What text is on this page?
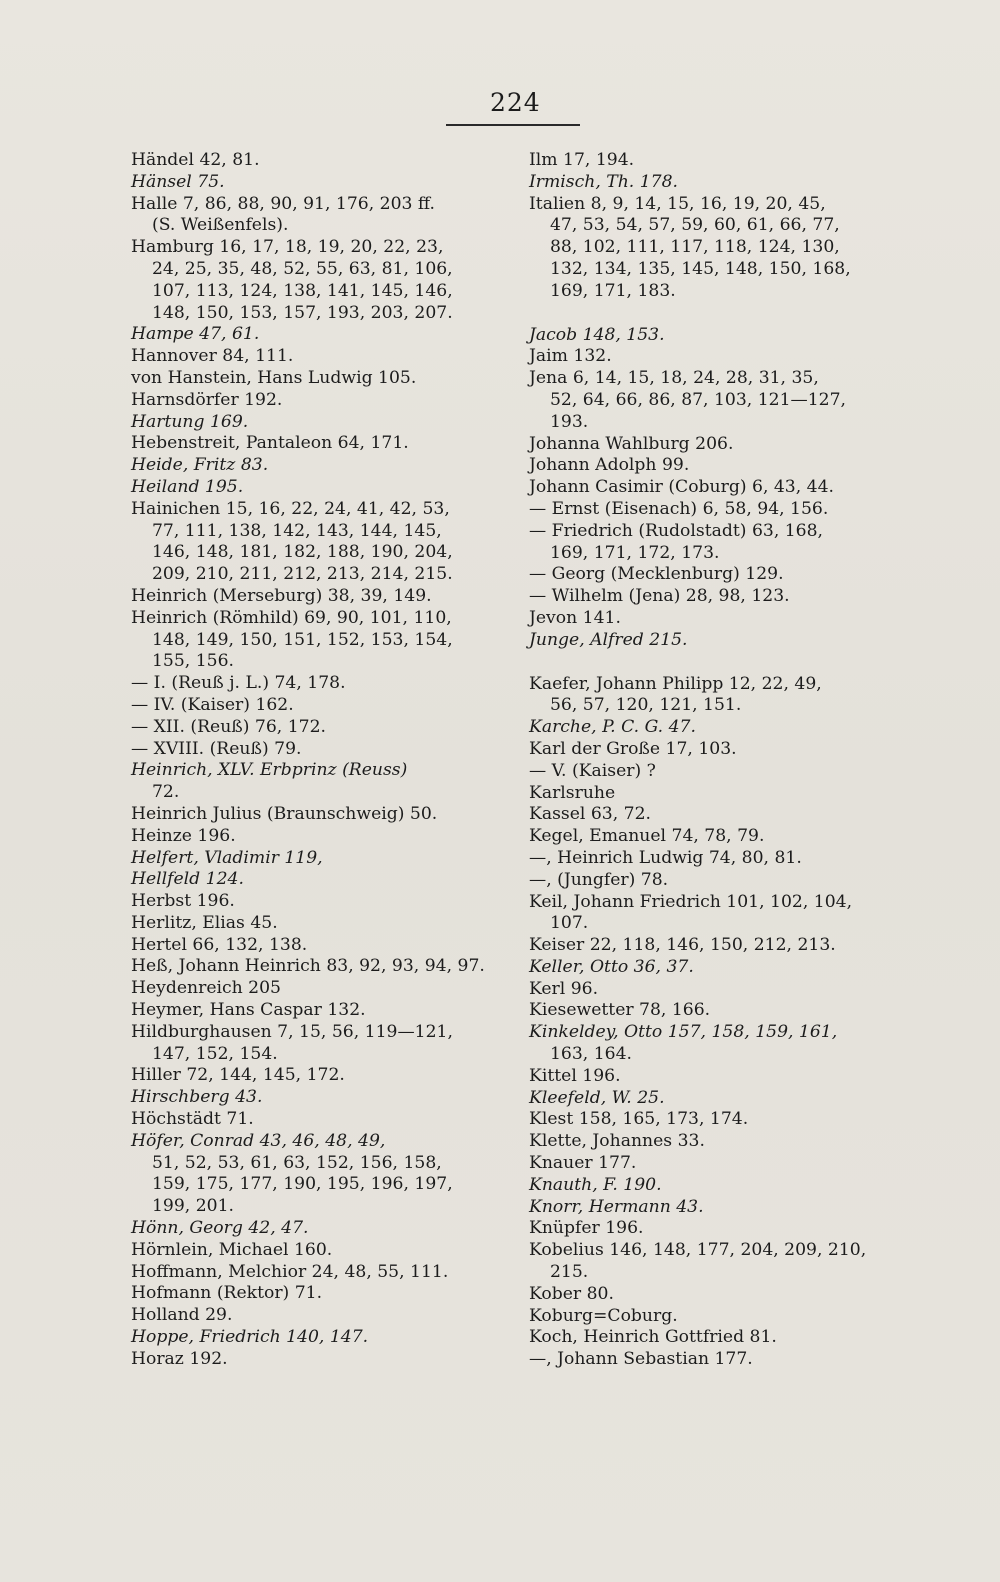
224
Händel 42, 81.
Hänsel 75.
Halle 7, 86, 88, 90, 91, 176, 203 ff.
(S. Weißenfels).
Hamburg 16, 17, 18, 19, 20, 22, 23,
24, 25, 35, 48, 52, 55, 63, 81, 106,
107, 113, 124, 138, 141, 145, 146,
148, 150, 153, 157, 193, 203, 207.
Hampe 47, 61.
Hannover 84, 111.
von Hanstein, Hans Ludwig 105.
Harnsdörfer 192.
Hartung 169.
Hebenstreit, Pantaleon 64, 171.
Heide, Fritz 83.
Heiland 195.
Hainichen 15, 16, 22, 24, 41, 42, 53,
77, 111, 138, 142, 143, 144, 145,
146, 148, 181, 182, 188, 190, 204,
209, 210, 211, 212, 213, 214, 215.
Heinrich (Merseburg) 38, 39, 149.
Heinrich (Römhild) 69, 90, 101, 110,
148, 149, 150, 151, 152, 153, 154,
155, 156.
— I. (Reuß j. L.) 74, 178.
— IV. (Kaiser) 162.
— XII. (Reuß) 76, 172.
— XVIII. (Reuß) 79.
Heinrich, XLV. Erbprinz (Reuss)
72.
Heinrich Julius (Braunschweig) 50.
Heinze 196.
Helfert, Vladimir 119,
Hellfeld 124.
Herbst 196.
Herlitz, Elias 45.
Hertel 66, 132, 138.
Heß, Johann Heinrich 83, 92, 93, 94, 97.
Heydenreich 205
Heymer, Hans Caspar 132.
Hildburghausen 7, 15, 56, 119—121,
147, 152, 154.
Hiller 72, 144, 145, 172.
Hirschberg 43.
Höchstädt 71.
Höfer, Conrad 43, 46, 48, 49,
51, 52, 53, 61, 63, 152, 156, 158,
159, 175, 177, 190, 195, 196, 197,
199, 201.
Hönn, Georg 42, 47.
Hörnlein, Michael 160.
Hoffmann, Melchior 24, 48, 55, 111.
Hofmann (Rektor) 71.
Holland 29.
Hoppe, Friedrich 140, 147.
Horaz 192.
Ilm 17, 194.
Irmisch, Th. 178.
Italien 8, 9, 14, 15, 16, 19, 20, 45,
47, 53, 54, 57, 59, 60, 61, 66, 77,
88, 102, 111, 117, 118, 124, 130,
132, 134, 135, 145, 148, 150, 168,
169, 171, 183.
Jacob 148, 153.
Jaim 132.
Jena 6, 14, 15, 18, 24, 28, 31, 35,
52, 64, 66, 86, 87, 103, 121—127,
193.
Johanna Wahlburg 206.
Johann Adolph 99.
Johann Casimir (Coburg) 6, 43, 44.
— Ernst (Eisenach) 6, 58, 94, 156.
— Friedrich (Rudolstadt) 63, 168,
169, 171, 172, 173.
— Georg (Mecklenburg) 129.
— Wilhelm (Jena) 28, 98, 123.
Jevon 141.
Junge, Alfred 215.
Kaefer, Johann Philipp 12, 22, 49,
56, 57, 120, 121, 151.
Karche, P. C. G. 47.
Karl der Große 17, 103.
— V. (Kaiser) ?
Karlsruhe
Kassel 63, 72.
Kegel, Emanuel 74, 78, 79.
—, Heinrich Ludwig 74, 80, 81.
—, (Jungfer) 78.
Keil, Johann Friedrich 101, 102, 104,
107.
Keiser 22, 118, 146, 150, 212, 213.
Keller, Otto 36, 37.
Kerl 96.
Kiesewetter 78, 166.
Kinkeldey, Otto 157, 158, 159, 161,
163, 164.
Kittel 196.
Kleefeld, W. 25.
Klest 158, 165, 173, 174.
Klette, Johannes 33.
Knauer 177.
Knauth, F. 190.
Knorr, Hermann 43.
Knüpfer 196.
Kobelius 146, 148, 177, 204, 209, 210,
215.
Kober 80.
Koburg=Coburg.
Koch, Heinrich Gottfried 81.
—, Johann Sebastian 177.
